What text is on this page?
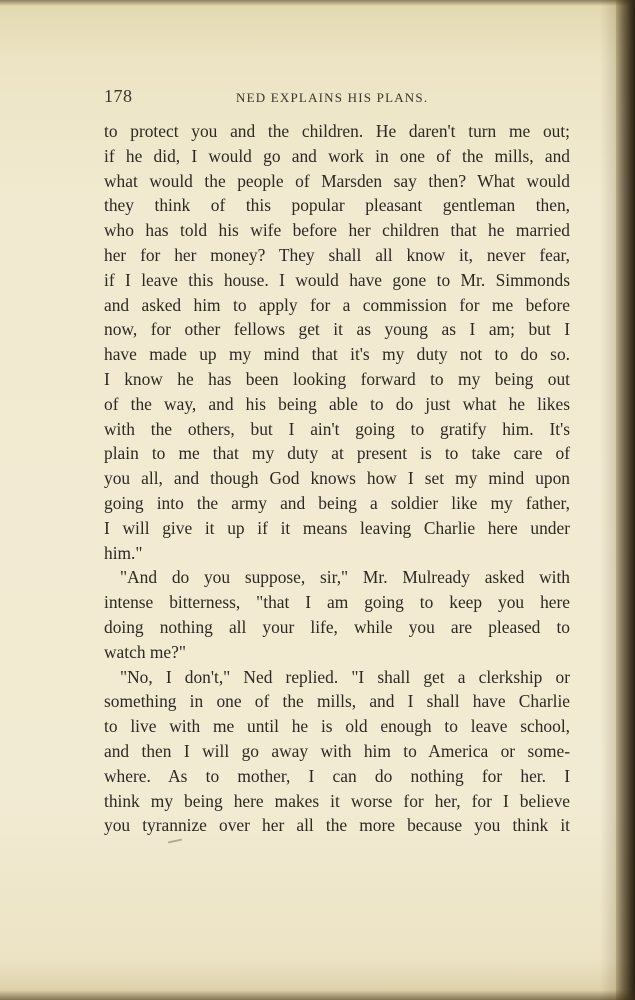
178	NED EXPLAINS HIS PLANS.
to protect you and the children. He daren't turn me out;
if he did, I would go and work in one of the mills, and
what would the people of Marsden say then? What would
they think of this popular pleasant gentleman then,
who has told his wife before her children that he married
her for her money? They shall all know it, never fear,
if I leave this house. I would have gone to Mr. Simmonds
and asked him to apply for a commission for me before
now, for other fellows get it as young as I am; but I
have made up my mind that it's my duty not to do so.
I know he has been looking forward to my being out
of the way, and his being able to do just what he likes
with the others, but I ain't going to gratify him. It's
plain to me that my duty at present is to take care of
you all, and though God knows how I set my mind upon
going into the army and being a soldier like my father,
I will give it up if it means leaving Charlie here under
him."
"And do you suppose, sir," Mr. Mulready asked with
intense bitterness, "that I am going to keep you here
doing nothing all your life, while you are pleased to
watch me?"
"No, I don't," Ned replied. "I shall get a clerkship or
something in one of the mills, and I shall have Charlie
to live with me until he is old enough to leave school,
and then I will go away with him to America or some-
where. As to mother, I can do nothing for her. I
think my being here makes it worse for her, for I believe
you tyrannize over her all the more because you think it
